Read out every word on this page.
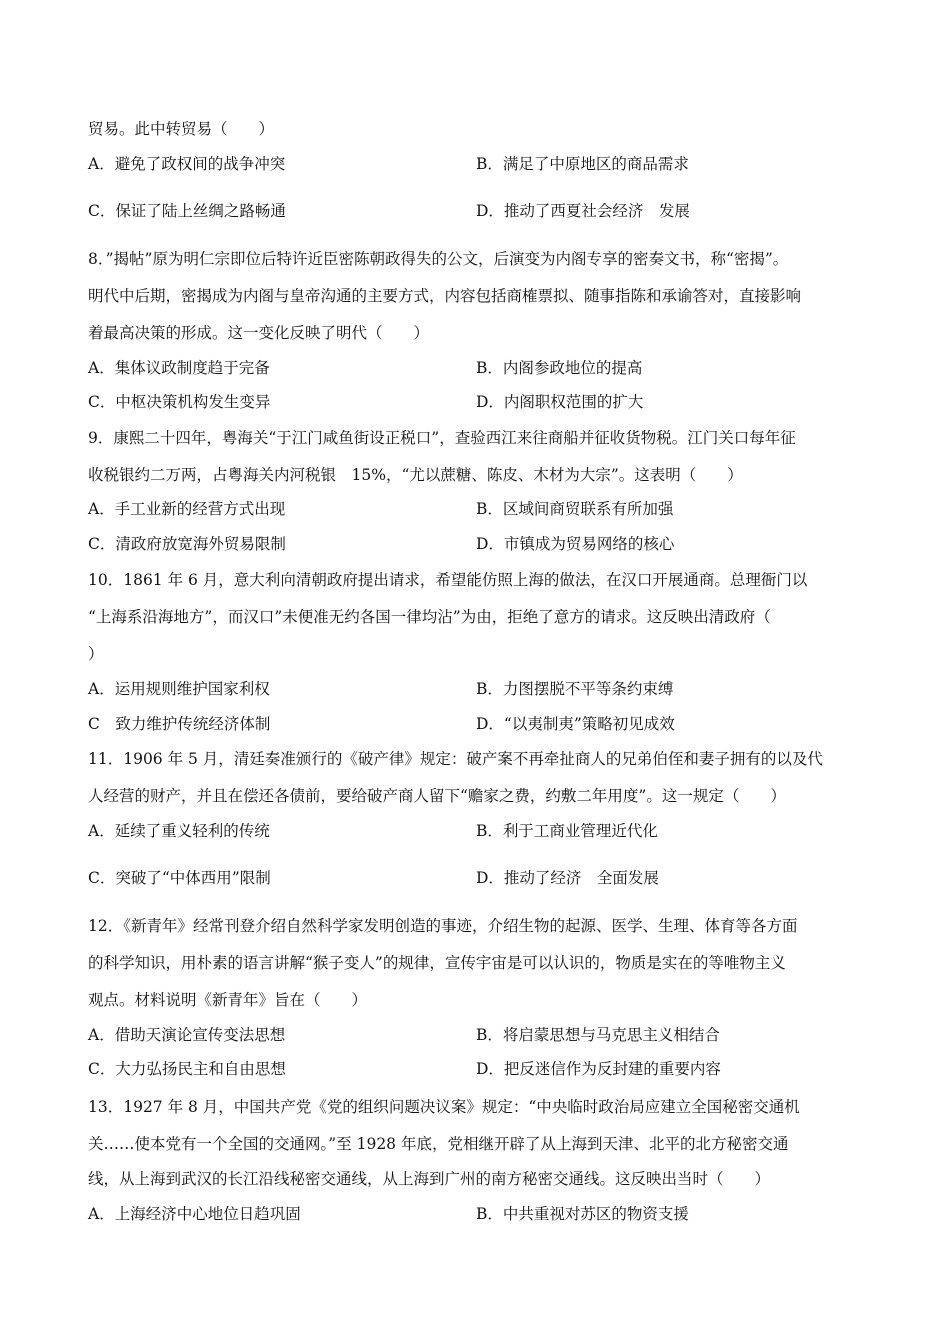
贸易。此中转贸易（　　）
A．避免了政权间的战争冲突	B．满足了中原地区的商品需求
C．保证了陆上丝绸之路畅通	D．推动了西夏社会经济　发展
8．”揭帖”原为明仁宗即位后特许近臣密陈朝政得失的公文，后演变为内阁专享的密奏文书，称“密揭”。
明代中后期，密揭成为内阁与皇帝沟通的主要方式，内容包括商榷票拟、随事指陈和承谕答对，直接影响
着最高决策的形成。这一变化反映了明代（　　）
A．集体议政制度趋于完备	B．内阁参政地位的提高
C．中枢决策机构发生变异	D．内阁职权范围的扩大
9．康熙二十四年，粤海关“于江门咸鱼街设正税口”，查验西江来往商船并征收货物税。江门关口每年征
收税银约二万两，占粤海关内河税银　15%，“尤以蔗糖、陈皮、木材为大宗”。这表明（　　）
A．手工业新的经营方式出现	B．区域间商贸联系有所加强
C．清政府放宽海外贸易限制	D．市镇成为贸易网络的核心
10．1861 年 6 月，意大利向清朝政府提出请求，希望能仿照上海的做法，在汉口开展通商。总理衙门以
“上海系沿海地方”，而汉口”未便准无约各国一律均沾”为由，拒绝了意方的请求。这反映出清政府（
）
A．运用规则维护国家利权	B．力图摆脱不平等条约束缚
C　致力维护传统经济体制	D．“以夷制夷”策略初见成效
11．1906 年 5 月，清廷奏准颁行的《破产律》规定：破产案不再牵扯商人的兄弟伯侄和妻子拥有的以及代
人经营的财产，并且在偿还各债前，要给破产商人留下“赡家之费，约敷二年用度”。这一规定（　　）
A．延续了重义轻利的传统	B．利于工商业管理近代化
C．突破了“中体西用”限制	D．推动了经济　全面发展
12．《新青年》经常刊登介绍自然科学家发明创造的事迹，介绍生物的起源、医学、生理、体育等各方面
的科学知识，用朴素的语言讲解“猴子变人”的规律，宣传宇宙是可以认识的，物质是实在的等唯物主义
观点。材料说明《新青年》旨在（　　）
A．借助天演论宣传变法思想	B．将启蒙思想与马克思主义相结合
C．大力弘扬民主和自由思想	D．把反迷信作为反封建的重要内容
13．1927 年 8 月，中国共产党《党的组织问题决议案》规定：“中央临时政治局应建立全国秘密交通机
关……使本党有一个全国的交通网。”至 1928 年底，党相继开辟了从上海到天津、北平的北方秘密交通
线，从上海到武汉的长江沿线秘密交通线，从上海到广州的南方秘密交通线。这反映出当时（　　）
A．上海经济中心地位日趋巩固	B．中共重视对苏区的物资支援
